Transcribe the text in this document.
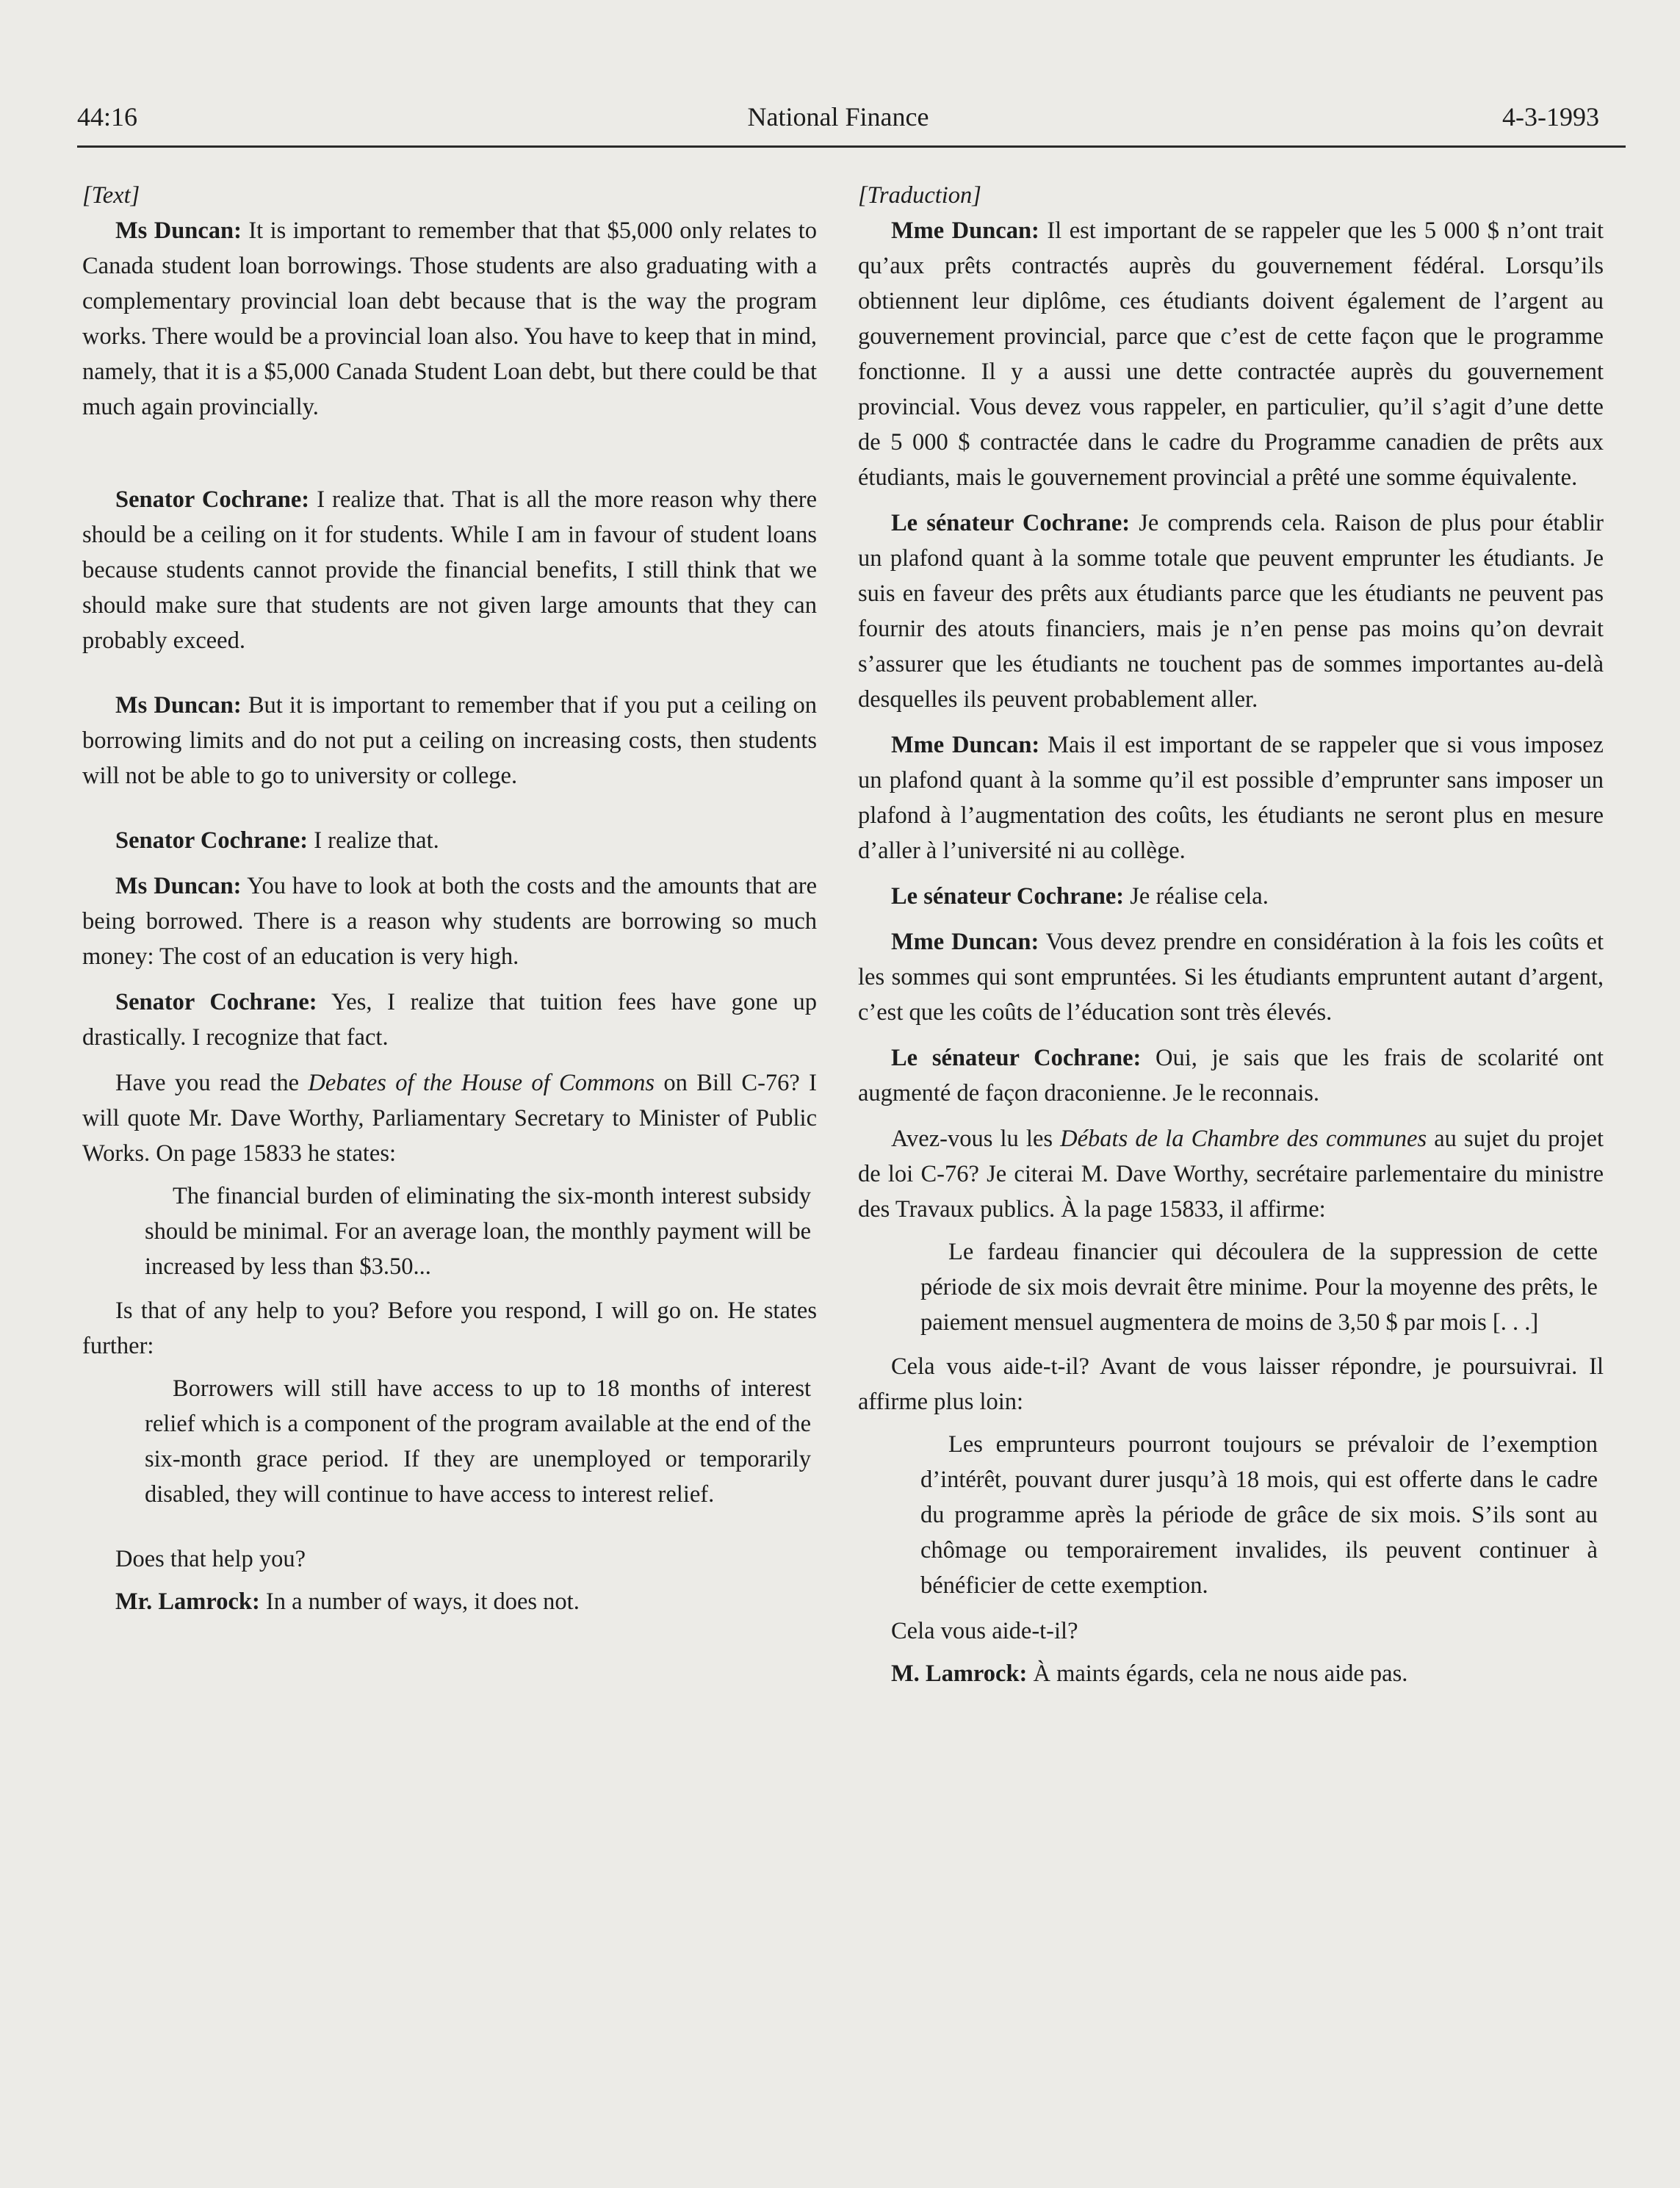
44:16	National Finance	4-3-1993

[Text]

Ms Duncan: It is important to remember that that $5,000 only relates to Canada student loan borrowings. Those students are also graduating with a complementary provincial loan debt because that is the way the program works. There would be a provincial loan also. You have to keep that in mind, namely, that it is a $5,000 Canada Student Loan debt, but there could be that much again provincially.

Senator Cochrane: I realize that. That is all the more reason why there should be a ceiling on it for students. While I am in favour of student loans because students cannot provide the financial benefits, I still think that we should make sure that students are not given large amounts that they can probably exceed.

Ms Duncan: But it is important to remember that if you put a ceiling on borrowing limits and do not put a ceiling on increasing costs, then students will not be able to go to university or college.

Senator Cochrane: I realize that.

Ms Duncan: You have to look at both the costs and the amounts that are being borrowed. There is a reason why students are borrowing so much money: The cost of an education is very high.

Senator Cochrane: Yes, I realize that tuition fees have gone up drastically. I recognize that fact.

Have you read the Debates of the House of Commons on Bill C-76? I will quote Mr. Dave Worthy, Parliamentary Secretary to Minister of Public Works. On page 15833 he states:

The financial burden of eliminating the six-month interest subsidy should be minimal. For an average loan, the monthly payment will be increased by less than $3.50...

Is that of any help to you? Before you respond, I will go on. He states further:

Borrowers will still have access to up to 18 months of interest relief which is a component of the program available at the end of the six-month grace period. If they are unemployed or temporarily disabled, they will continue to have access to interest relief.

Does that help you?

Mr. Lamrock: In a number of ways, it does not.

[Traduction]

Mme Duncan: Il est important de se rappeler que les 5 000 $ n’ont trait qu’aux prêts contractés auprès du gouvernement fédéral. Lorsqu’ils obtiennent leur diplôme, ces étudiants doivent également de l’argent au gouvernement provincial, parce que c’est de cette façon que le programme fonctionne. Il y a aussi une dette contractée auprès du gouvernement provincial. Vous devez vous rappeler, en particulier, qu’il s’agit d’une dette de 5 000 $ contractée dans le cadre du Programme canadien de prêts aux étudiants, mais le gouvernement provincial a prêté une somme équivalente.

Le sénateur Cochrane: Je comprends cela. Raison de plus pour établir un plafond quant à la somme totale que peuvent emprunter les étudiants. Je suis en faveur des prêts aux étudiants parce que les étudiants ne peuvent pas fournir des atouts financiers, mais je n’en pense pas moins qu’on devrait s’assurer que les étudiants ne touchent pas de sommes importantes au-delà desquelles ils peuvent probablement aller.

Mme Duncan: Mais il est important de se rappeler que si vous imposez un plafond quant à la somme qu’il est possible d’emprunter sans imposer un plafond à l’augmentation des coûts, les étudiants ne seront plus en mesure d’aller à l’université ni au collège.

Le sénateur Cochrane: Je réalise cela.

Mme Duncan: Vous devez prendre en considération à la fois les coûts et les sommes qui sont empruntées. Si les étudiants empruntent autant d’argent, c’est que les coûts de l’éducation sont très élevés.

Le sénateur Cochrane: Oui, je sais que les frais de scolarité ont augmenté de façon draconienne. Je le reconnais.

Avez-vous lu les Débats de la Chambre des communes au sujet du projet de loi C-76? Je citerai M. Dave Worthy, secrétaire parlementaire du ministre des Travaux publics. À la page 15833, il affirme:

Le fardeau financier qui découlera de la suppression de cette période de six mois devrait être minime. Pour la moyenne des prêts, le paiement mensuel augmentera de moins de 3,50 $ par mois [. . .]

Cela vous aide-t-il? Avant de vous laisser répondre, je poursuivrai. Il affirme plus loin:

Les emprunteurs pourront toujours se prévaloir de l’exemption d’intérêt, pouvant durer jusqu’à 18 mois, qui est offerte dans le cadre du programme après la période de grâce de six mois. S’ils sont au chômage ou temporairement invalides, ils peuvent continuer à bénéficier de cette exemption.

Cela vous aide-t-il?

M. Lamrock: À maints égards, cela ne nous aide pas.
